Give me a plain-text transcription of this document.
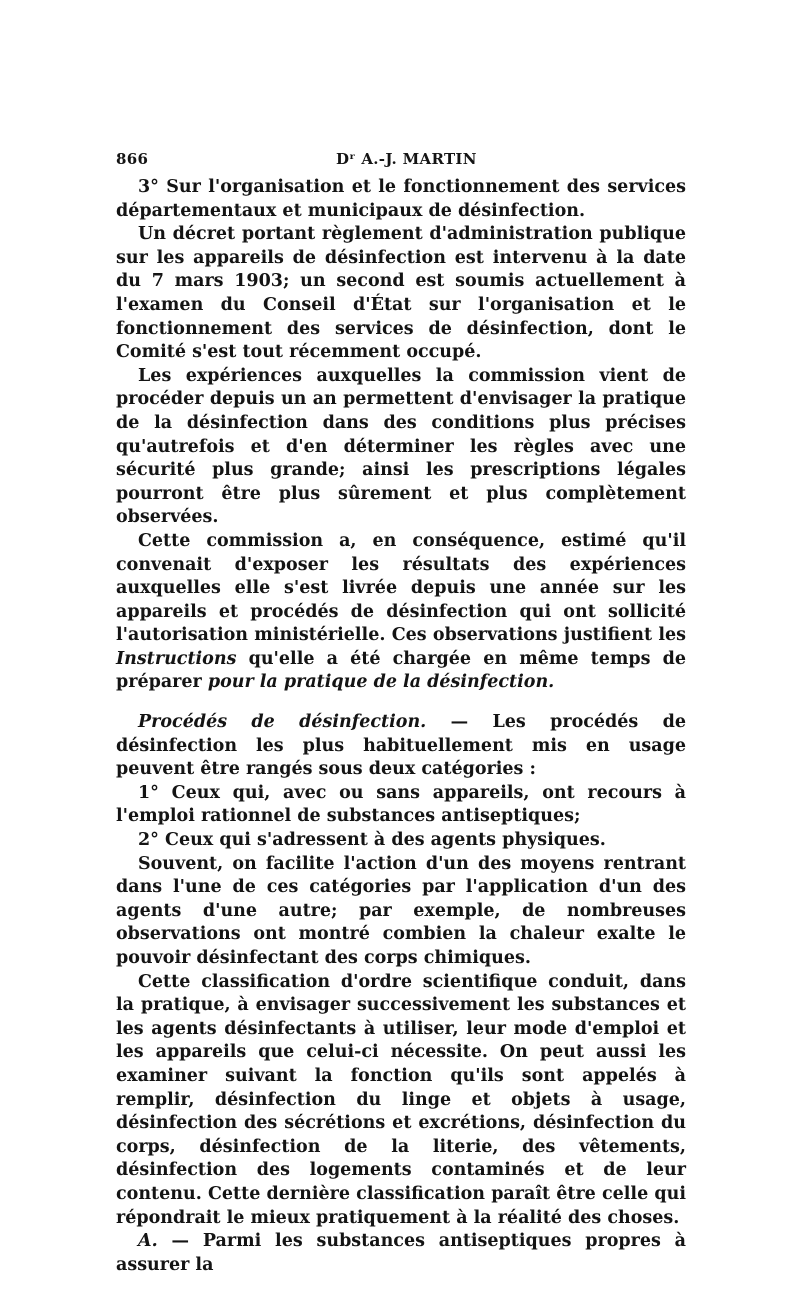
866	Dʳ A.-J. MARTIN

3° Sur l'organisation et le fonctionnement des services départementaux et municipaux de désinfection.

Un décret portant règlement d'administration publique sur les appareils de désinfection est intervenu à la date du 7 mars 1903; un second est soumis actuellement à l'examen du Conseil d'État sur l'organisation et le fonctionnement des services de désinfection, dont le Comité s'est tout récemment occupé.

Les expériences auxquelles la commission vient de procéder depuis un an permettent d'envisager la pratique de la désinfection dans des conditions plus précises qu'autrefois et d'en déterminer les règles avec une sécurité plus grande; ainsi les prescriptions légales pourront être plus sûrement et plus complètement observées.

Cette commission a, en conséquence, estimé qu'il convenait d'exposer les résultats des expériences auxquelles elle s'est livrée depuis une année sur les appareils et procédés de désinfection qui ont sollicité l'autorisation ministérielle. Ces observations justifient les Instructions qu'elle a été chargée en même temps de préparer pour la pratique de la désinfection.

Procédés de désinfection. — Les procédés de désinfection les plus habituellement mis en usage peuvent être rangés sous deux catégories :

1° Ceux qui, avec ou sans appareils, ont recours à l'emploi rationnel de substances antiseptiques;

2° Ceux qui s'adressent à des agents physiques.

Souvent, on facilite l'action d'un des moyens rentrant dans l'une de ces catégories par l'application d'un des agents d'une autre; par exemple, de nombreuses observations ont montré combien la chaleur exalte le pouvoir désinfectant des corps chimiques.

Cette classification d'ordre scientifique conduit, dans la pratique, à envisager successivement les substances et les agents désinfectants à utiliser, leur mode d'emploi et les appareils que celui-ci nécessite. On peut aussi les examiner suivant la fonction qu'ils sont appelés à remplir, désinfection du linge et objets à usage, désinfection des sécrétions et excrétions, désinfection du corps, désinfection de la literie, des vêtements, désinfection des logements contaminés et de leur contenu. Cette dernière classification paraît être celle qui répondrait le mieux pratiquement à la réalité des choses.

A. — Parmi les substances antiseptiques propres à assurer la
